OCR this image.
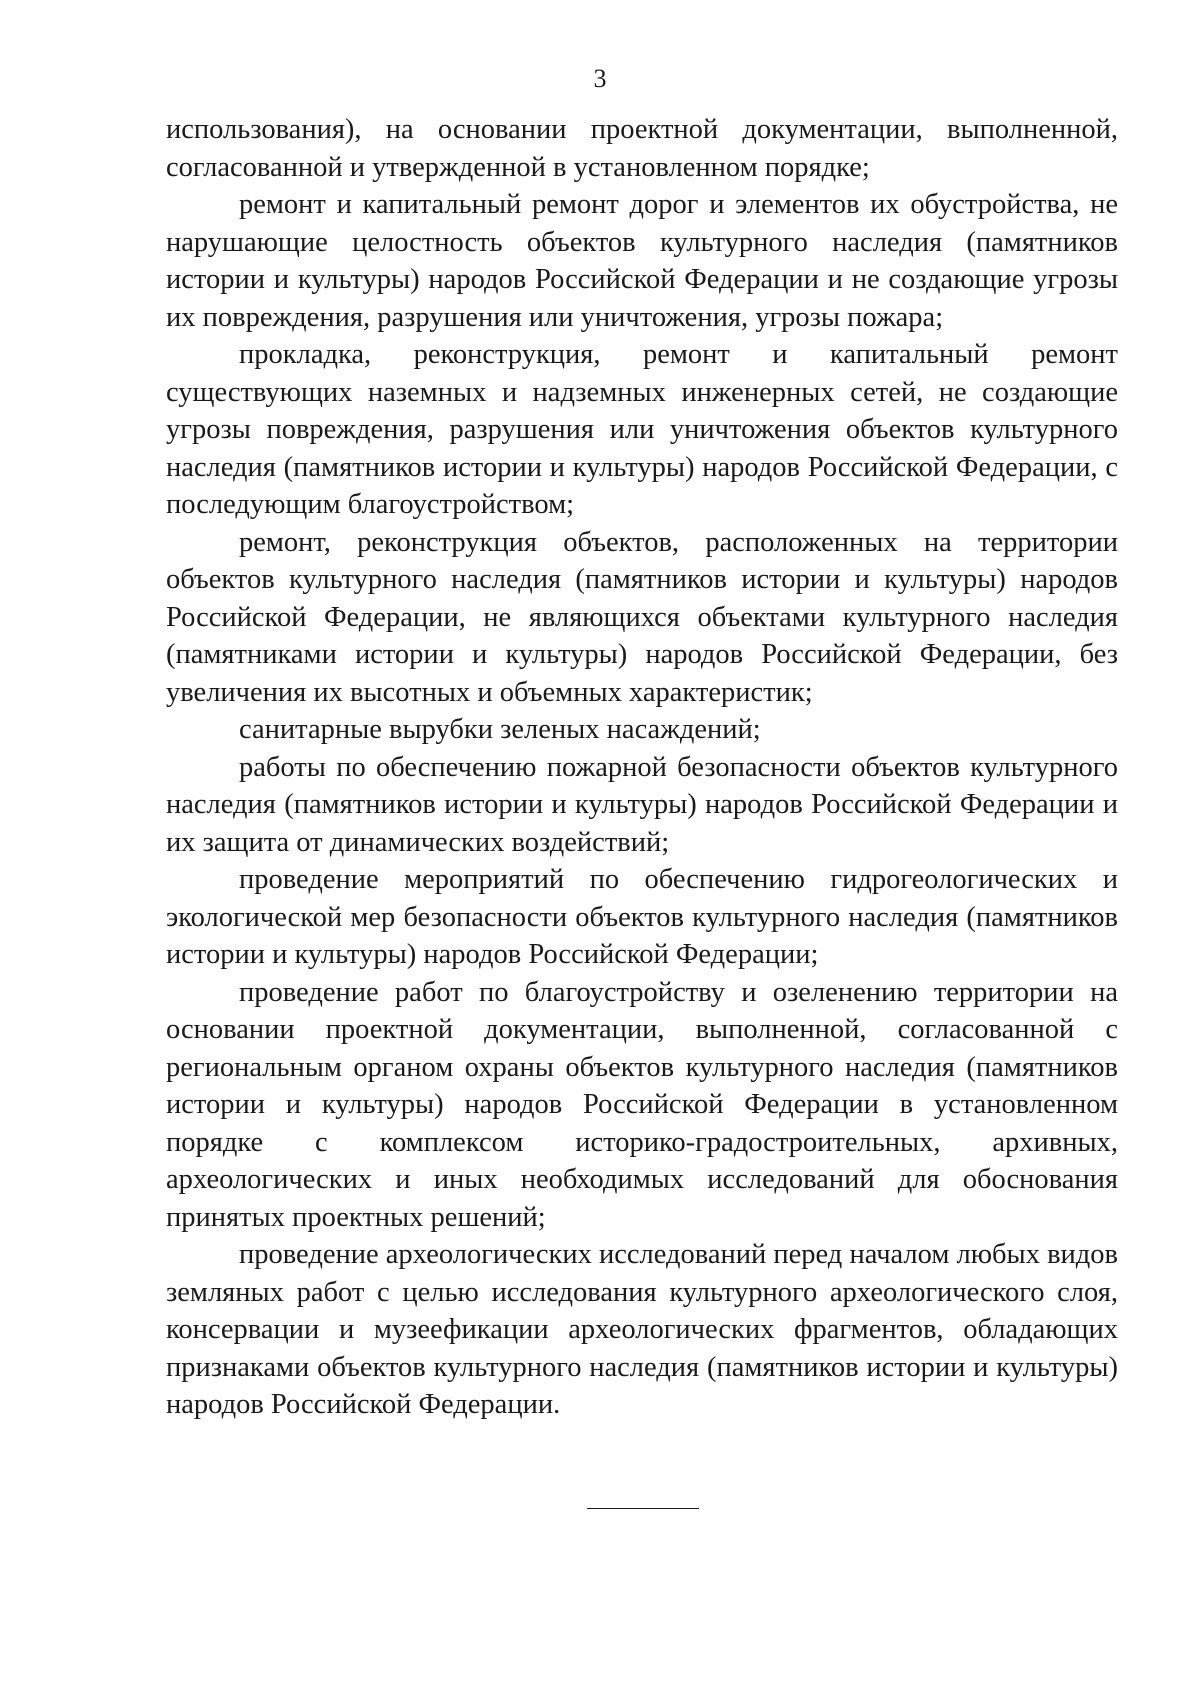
3

использования), на основании проектной документации, выполненной, согласованной и утвержденной в установленном порядке;

ремонт и капитальный ремонт дорог и элементов их обустройства, не нарушающие целостность объектов культурного наследия (памятников истории и культуры) народов Российской Федерации и не создающие угрозы их повреждения, разрушения или уничтожения, угрозы пожара;

прокладка, реконструкция, ремонт и капитальный ремонт существующих наземных и надземных инженерных сетей, не создающие угрозы повреждения, разрушения или уничтожения объектов культурного наследия (памятников истории и культуры) народов Российской Федерации, с последующим благоустройством;

ремонт, реконструкция объектов, расположенных на территории объектов культурного наследия (памятников истории и культуры) народов Российской Федерации, не являющихся объектами культурного наследия (памятниками истории и культуры) народов Российской Федерации, без увеличения их высотных и объемных характеристик;

санитарные вырубки зеленых насаждений;

работы по обеспечению пожарной безопасности объектов культурного наследия (памятников истории и культуры) народов Российской Федерации и их защита от динамических воздействий;

проведение мероприятий по обеспечению гидрогеологических и экологической мер безопасности объектов культурного наследия (памятников истории и культуры) народов Российской Федерации;

проведение работ по благоустройству и озеленению территории на основании проектной документации, выполненной, согласованной с региональным органом охраны объектов культурного наследия (памятников истории и культуры) народов Российской Федерации в установленном порядке с комплексом историко-градостроительных, архивных, археологических и иных необходимых исследований для обоснования принятых проектных решений;

проведение археологических исследований перед началом любых видов земляных работ с целью исследования культурного археологического слоя, консервации и музеефикации археологических фрагментов, обладающих признаками объектов культурного наследия (памятников истории и культуры) народов Российской Федерации.
